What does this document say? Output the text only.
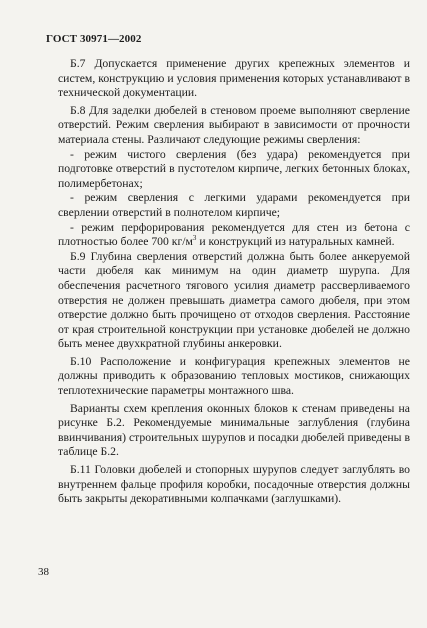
ГОСТ 30971—2002

Б.7 Допускается применение других крепежных элементов и систем, конструкцию и условия применения которых устанавливают в технической документации.

Б.8 Для заделки дюбелей в стеновом проеме выполняют сверление отверстий. Режим сверления выбирают в зависимости от прочности материала стены. Различают следующие режимы сверления:

- режим чистого сверления (без удара) рекомендуется при подготовке отверстий в пустотелом кирпиче, легких бетонных блоках, полимербетонах;

- режим сверления с легкими ударами рекомендуется при сверлении отверстий в полнотелом кирпиче;

- режим перфорирования рекомендуется для стен из бетона с плотностью более 700 $кг/м^3$ и конструкций из натуральных камней.

Б.9 Глубина сверления отверстий должна быть более анкеруемой части дюбеля как минимум на один диаметр шурупа. Для обеспечения расчетного тягового усилия диаметр рассверливаемого отверстия не должен превышать диаметра самого дюбеля, при этом отверстие должно быть прочищено от отходов сверления. Расстояние от края строительной конструкции при установке дюбелей не должно быть менее двухкратной глубины анкеровки.

Б.10 Расположение и конфигурация крепежных элементов не должны приводить к образованию тепловых мостиков, снижающих теплотехнические параметры монтажного шва.

Варианты схем крепления оконных блоков к стенам приведены на рисунке Б.2. Рекомендуемые минимальные заглубления (глубина ввинчивания) строительных шурупов и посадки дюбелей приведены в таблице Б.2.

Б.11 Головки дюбелей и стопорных шурупов следует заглублять во внутреннем фальце профиля коробки, посадочные отверстия должны быть закрыты декоративными колпачками (заглушками).

38
